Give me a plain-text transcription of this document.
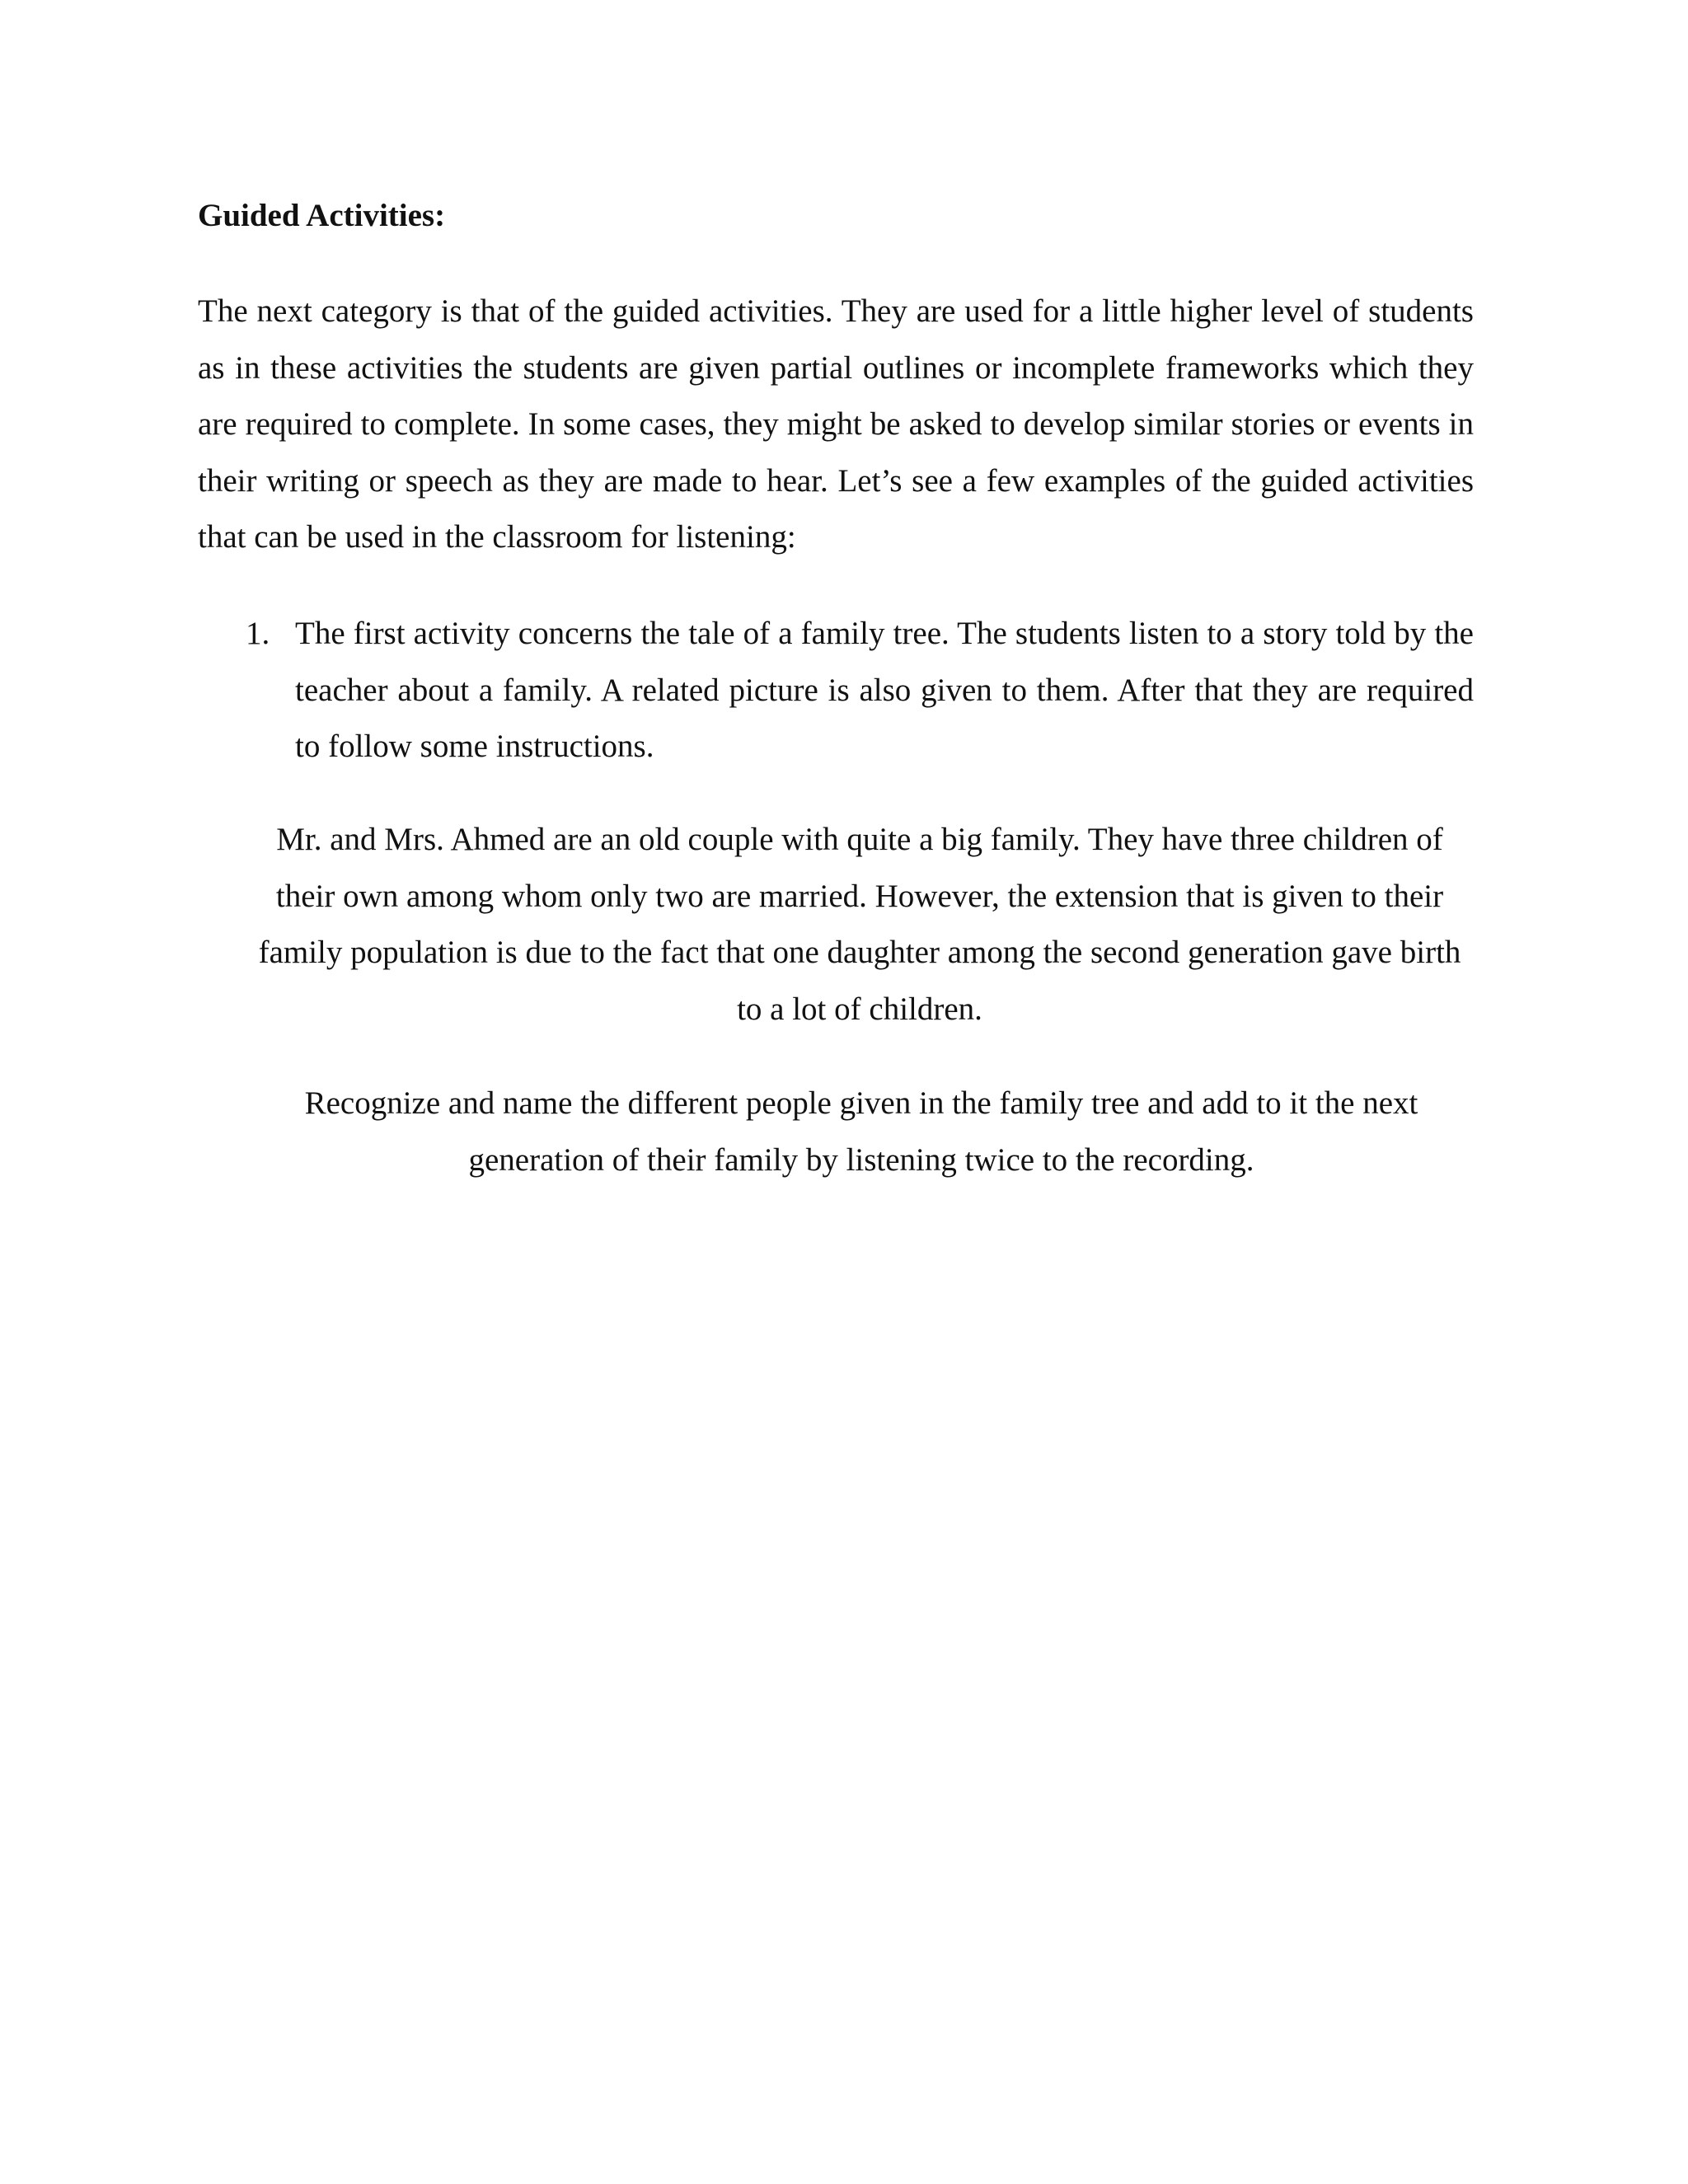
Guided Activities:

The next category is that of the guided activities. They are used for a little higher level of students as in these activities the students are given partial outlines or incomplete frameworks which they are required to complete. In some cases, they might be asked to develop similar stories or events in their writing or speech as they are made to hear. Let’s see a few examples of the guided activities that can be used in the classroom for listening:

1. The first activity concerns the tale of a family tree. The students listen to a story told by the teacher about a family. A related picture is also given to them. After that they are required to follow some instructions.

Mr. and Mrs. Ahmed are an old couple with quite a big family. They have three children of their own among whom only two are married. However, the extension that is given to their family population is due to the fact that one daughter among the second generation gave birth to a lot of children.

Recognize and name the different people given in the family tree and add to it the next generation of their family by listening twice to the recording.
